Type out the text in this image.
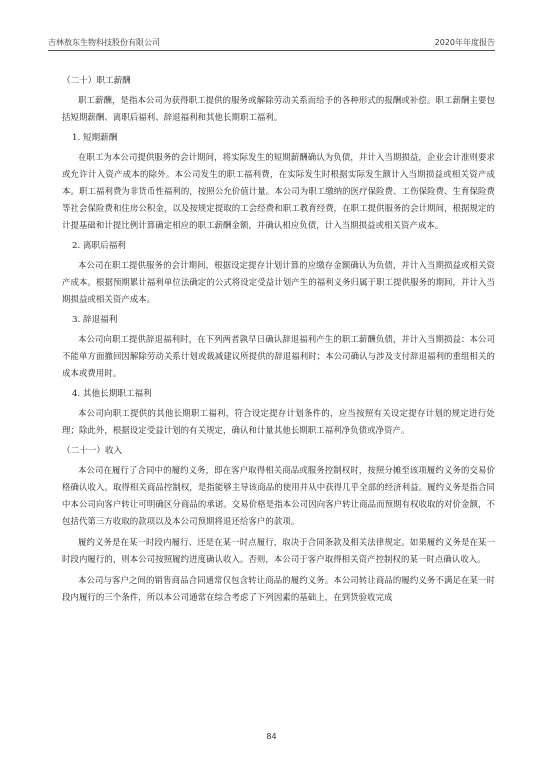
吉林敖东生物科技股份有限公司	2020年年度报告
（二十）职工薪酬
职工薪酬，是指本公司为获得职工提供的服务或解除劳动关系而给予的各种形式的报酬或补偿。职工薪酬主要包括短期薪酬、离职后福利、辞退福利和其他长期职工福利。
1. 短期薪酬
在职工为本公司提供服务的会计期间，将实际发生的短期薪酬确认为负债，并计入当期损益，企业会计准则要求或允许计入资产成本的除外。本公司发生的职工福利费，在实际发生时根据实际发生额计入当期损益或相关资产成本。职工福利费为非货币性福利的，按照公允价值计量。本公司为职工缴纳的医疗保险费、工伤保险费、生育保险费等社会保险费和住房公积金，以及按规定提取的工会经费和职工教育经费，在职工提供服务的会计期间，根据规定的计提基础和计提比例计算确定相应的职工薪酬金额，并确认相应负债，计入当期损益或相关资产成本。
2. 离职后福利
本公司在职工提供服务的会计期间，根据设定提存计划计算的应缴存金额确认为负债，并计入当期损益或相关资产成本。根据预期累计福利单位法确定的公式将设定受益计划产生的福利义务归属于职工提供服务的期间，并计入当期损益或相关资产成本。
3. 辞退福利
本公司向职工提供辞退福利时，在下列两者孰早日确认辞退福利产生的职工薪酬负债，并计入当期损益：本公司不能单方面撤回因解除劳动关系计划或裁减建议所提供的辞退福利时；本公司确认与涉及支付辞退福利的重组相关的成本或费用时。
4. 其他长期职工福利
本公司向职工提供的其他长期职工福利，符合设定提存计划条件的，应当按照有关设定提存计划的规定进行处理；除此外，根据设定受益计划的有关规定，确认和计量其他长期职工福利净负债或净资产。
（二十一）收入
本公司在履行了合同中的履约义务，即在客户取得相关商品或服务控制权时，按照分摊至该项履约义务的交易价格确认收入。取得相关商品控制权，是指能够主导该商品的使用并从中获得几乎全部的经济利益。履约义务是指合同中本公司向客户转让可明确区分商品的承诺。交易价格是指本公司因向客户转让商品而预期有权收取的对价金额，不包括代第三方收取的款项以及本公司预期将退还给客户的款项。
履约义务是在某一时段内履行、还是在某一时点履行，取决于合同条款及相关法律规定。如果履约义务是在某一时段内履行的，则本公司按照履约进度确认收入。否则，本公司于客户取得相关资产控制权的某一时点确认收入。
本公司与客户之间的销售商品合同通常仅包含转让商品的履约义务。本公司转让商品的履约义务不满足在某一时段内履行的三个条件，所以本公司通常在综合考虑了下列因素的基础上，在到货验收完成
84
